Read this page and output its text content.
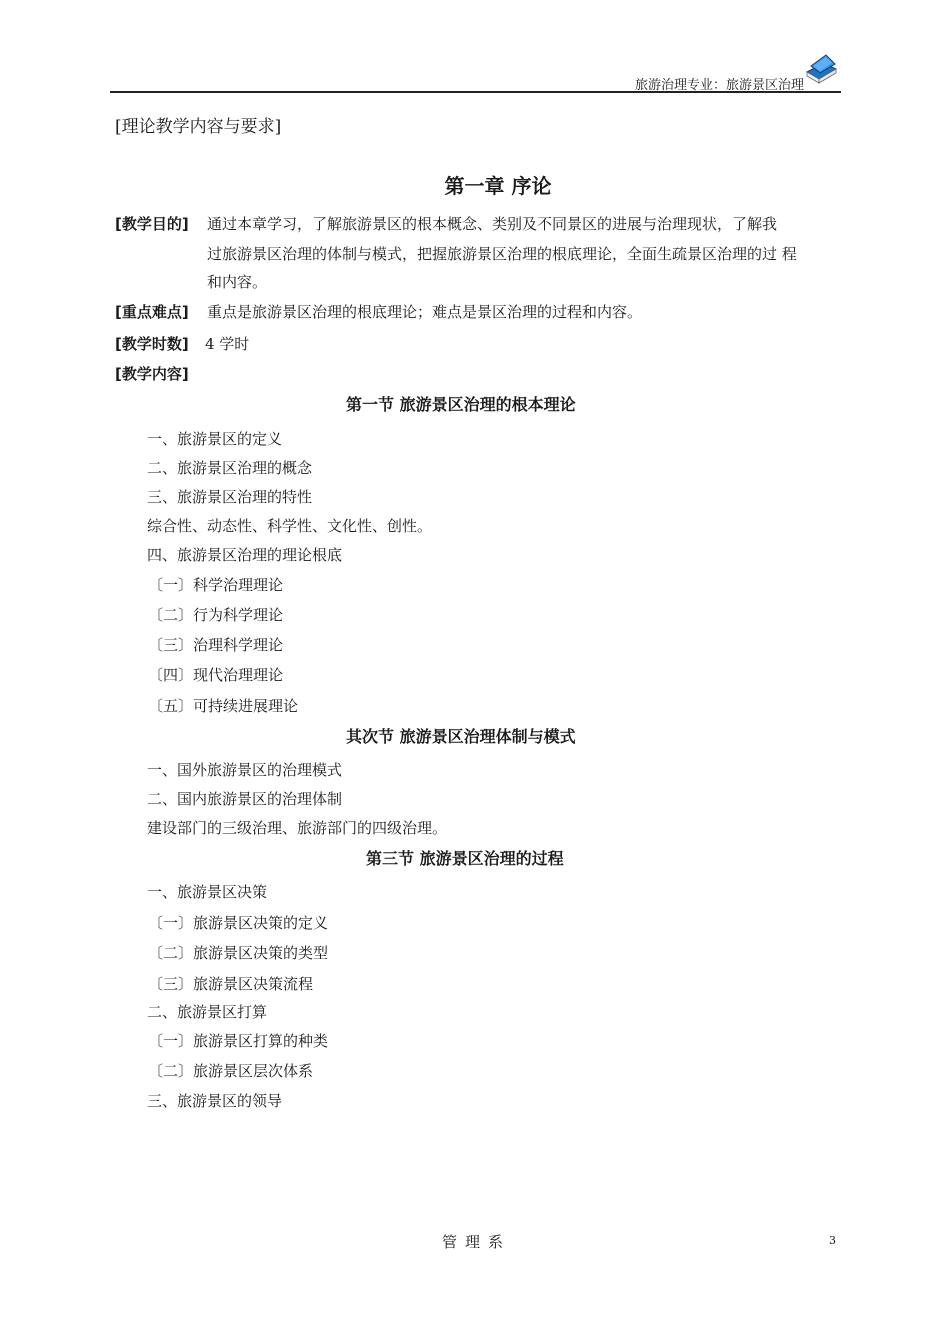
旅游治理专业：旅游景区治理
[理论教学内容与要求]
第一章 序论
[教学目的] 通过本章学习，了解旅游景区的根本概念、类别及不同景区的进展与治理现状，了解我
过旅游景区治理的体制与模式，把握旅游景区治理的根底理论，全面生疏景区治理的过 程
和内容。
[重点难点] 重点是旅游景区治理的根底理论；难点是景区治理的过程和内容。
[教学时数] 4 学时
[教学内容]
第一节 旅游景区治理的根本理论
一、旅游景区的定义
二、旅游景区治理的概念
三、旅游景区治理的特性
综合性、动态性、科学性、文化性、创性。
四、旅游景区治理的理论根底
〔一〕科学治理理论
〔二〕行为科学理论
〔三〕治理科学理论
〔四〕现代治理理论
〔五〕可持续进展理论
其次节 旅游景区治理体制与模式
一、国外旅游景区的治理模式
二、国内旅游景区的治理体制
建设部门的三级治理、旅游部门的四级治理。
第三节 旅游景区治理的过程
一、旅游景区决策
〔一〕旅游景区决策的定义
〔二〕旅游景区决策的类型
〔三〕旅游景区决策流程
二、旅游景区打算
〔一〕旅游景区打算的种类
〔二〕旅游景区层次体系
三、旅游景区的领导
管理系	3
